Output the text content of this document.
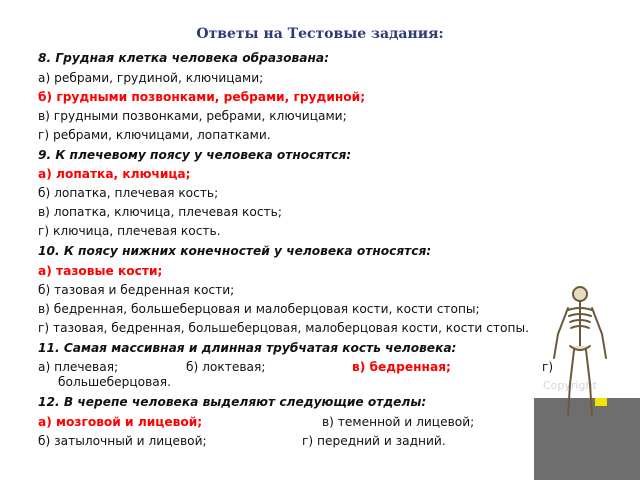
Ответы на Тестовые задания:
8. Грудная клетка человека образована:
а) ребрами, грудиной, ключицами;
б) грудными позвонками, ребрами, грудиной;
в) грудными позвонками, ребрами, ключицами;
г) ребрами, ключицами, лопатками.
9. К плечевому поясу у человека относятся:
а) лопатка, ключица;
б) лопатка, плечевая кость;
в) лопатка, ключица, плечевая кость;
г) ключица, плечевая кость.
10. К поясу нижних конечностей у человека относятся:
а) тазовые кости;
б) тазовая и бедренная кости;
в) бедренная, большеберцовая и малоберцовая кости, кости стопы;
г) тазовая, бедренная, большеберцовая, малоберцовая кости, кости стопы.
11. Самая массивная и длинная трубчатая кость человека:
а) плечевая;	б) локтевая;	в) бедренная;	г)
большеберцовая.
12. В черепе человека выделяют следующие отделы:
а) мозговой и лицевой;	в) теменной и лицевой;
б) затылочный и лицевой;	г) передний и задний.
Copyright
